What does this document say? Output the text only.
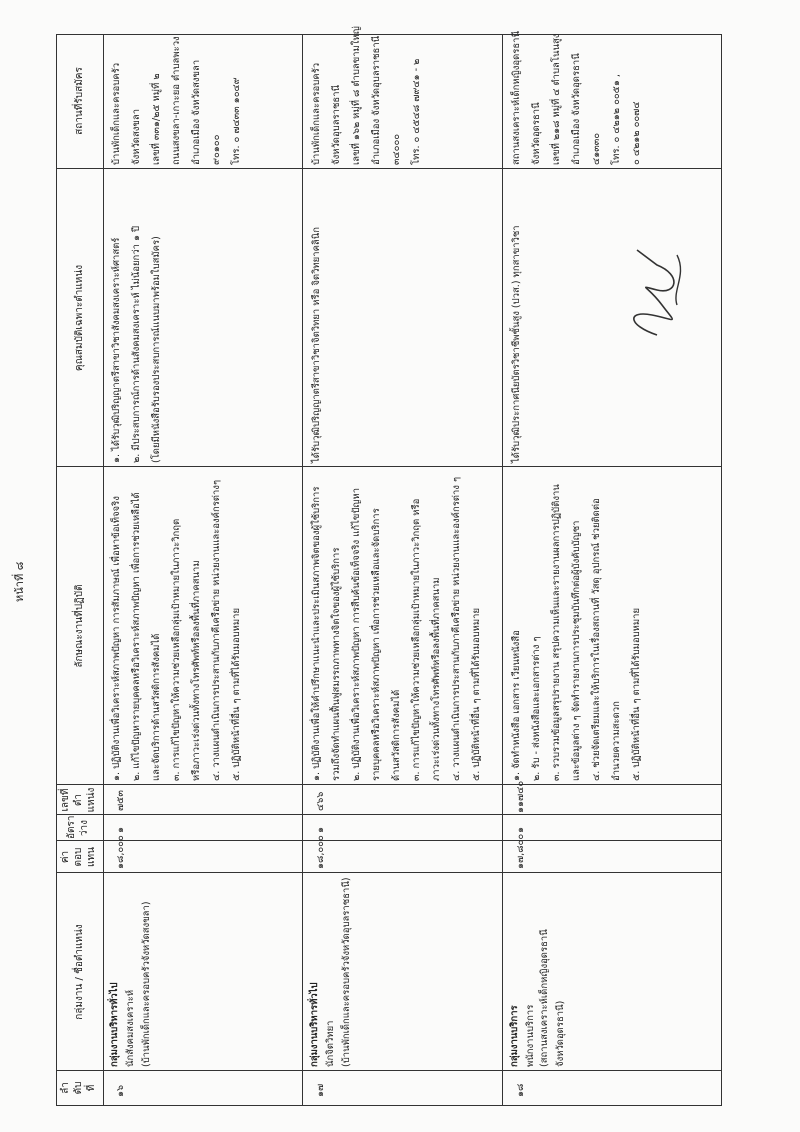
หน้าที่ ๘
ลำ
ดับ
ที่
กลุ่มงาน / ชื่อตำแหน่ง
ค่า
ตอบ
แทน
อัตรา
ว่าง
เลขที่
ตำ
แหน่ง
ลักษณะงานที่ปฏิบัติ
คุณสมบัติเฉพาะตำแหน่ง
สถานที่รับสมัคร
๑๖
กลุ่มงานบริหารทั่วไป นักสังคมสงเคราะห์ (บ้านพักเด็กและครอบครัวจังหวัดสงขลา)
๑๘,๐๐๐
๑
๗๕๓
๑. ปฏิบัติงานเพื่อวิเคราะห์สภาพปัญหา การสัมภาษณ์ เพื่อหาข้อเท็จจริง ๒. แก้ไขปัญหารายบุคคลหรือวิเคราะห์สภาพปัญหา เพื่อการช่วยเหลือได้ และจัดบริการด้านสวัสดิการสังคมได้ ๓. การแก้ไขปัญหาให้ความช่วยเหลือกลุ่มเป้าหมายในภาวะวิกฤต หรือภาวะเร่งด่วนทั้งทางโทรศัพท์หรือลงพื้นที่ภาคสนาม ๔. วางแผนดำเนินการประสานกับภาคีเครือข่าย หน่วยงานและองค์กรต่างๆ ๕. ปฏิบัติหน้าที่อื่น ๆ ตามที่ได้รับมอบหมาย
๑. ได้รับวุฒิปริญญาตรีสาขาวิชาสังคมสงเคราะห์ศาสตร์ ๒. มีประสบการณ์การด้านสังคมสงเคราะห์ ไม่น้อยกว่า ๑ ปี (โดยมีหนังสือรับรองประสบการณ์แนบมาพร้อมใบสมัคร)
บ้านพักเด็กและครอบครัว จังหวัดสงขลา เลขที่ ๓๓๑/๒๕ หมู่ที่ ๒ ถนนสงขลา-เกาะยอ ตำบลพะวง อำเภอเมือง จังหวัดสงขลา ๙๐๑๐๐ โทร. ๐ ๗๔๓๓ ๑๐๔๙
๑๗
กลุ่มงานบริหารทั่วไป นักจิตวิทยา (บ้านพักเด็กและครอบครัวจังหวัดอุบลราชธานี)
๑๘,๐๐๐
๑
๔๖๖
๑. ปฏิบัติงานเพื่อให้คำปรึกษาแนะนำและประเมินสภาพจิตของผู้ใช้บริการ รวมถึงจัดทำแผนฟื้นฟูสมรรถภาพทางจิตใจของผู้ใช้บริการ ๒. ปฏิบัติงานเพื่อวิเคราะห์สภาพปัญหา การสืบค้นข้อเท็จจริง แก้ไขปัญหา รายบุคคลหรือวิเคราะห์สภาพปัญหา เพื่อการช่วยเหลือและจัดบริการ ด้านสวัสดิการสังคมได้ ๓. การแก้ไขปัญหาให้ความช่วยเหลือกลุ่มเป้าหมายในภาวะวิกฤต หรือ ภาวะเร่งด่วนทั้งทางโทรศัพท์หรือลงพื้นที่ภาคสนาม ๔. วางแผนดำเนินการประสานกับภาคีเครือข่าย หน่วยงานและองค์กรต่าง ๆ ๕. ปฏิบัติหน้าที่อื่น ๆ ตามที่ได้รับมอบหมาย
ได้รับวุฒิปริญญาตรีสาขาวิชาจิตวิทยา หรือ จิตวิทยาคลินิก
บ้านพักเด็กและครอบครัว จังหวัดอุบลราชธานี เลขที่ ๑๖๒ หมู่ที่ ๘ ตำบลขามใหญ่ อำเภอเมือง จังหวัดอุบลราชธานี ๓๔๐๐๐ โทร. ๐ ๔๕๔๘ ๗๙๔๑ - ๒
๑๘
กลุ่มงานบริการ พนักงานบริการ (สถานสงเคราะห์เด็กหญิงอุดรธานี
จังหวัดอุดรธานี)
๑๗,๘๐๐
๑
๑๑๗๔๐
๑. จัดทำหนังสือ เอกสาร เวียนหนังสือ ๒. รับ - ส่งหนังสือและเอกสารต่าง ๆ ๓. รวบรวมข้อมูลสรุปรายงาน สรุปความเห็นและรายงานผลการปฏิบัติงาน และข้อมูลต่าง ๆ จัดทำรายงานการประชุมบันทึกต่อผู้บังคับบัญชา ๔. ช่วยจัดเตรียมและให้บริการในเรื่องสถานที่ วัสดุ อุปกรณ์ ช่วยติดต่อ อำนวยความสะดวก ๕. ปฏิบัติหน้าที่อื่น ๆ ตามที่ได้รับมอบหมาย
ได้รับวุฒิประกาศนียบัตรวิชาชีพชั้นสูง (ปวส.) ทุกสาขาวิชา
สถานสงเคราะห์เด็กหญิงอุดรธานี จังหวัดอุดรธานี เลขที่ ๒๑๘ หมู่ที่ ๔ ตำบลโนนสูง อำเภอเมือง จังหวัดอุดรธานี ๔๑๓๓๐ โทร. ๐ ๔๒๑๒ ๐๐๕๑ , ๐ ๔๒๑๒ ๐๐๗๔
